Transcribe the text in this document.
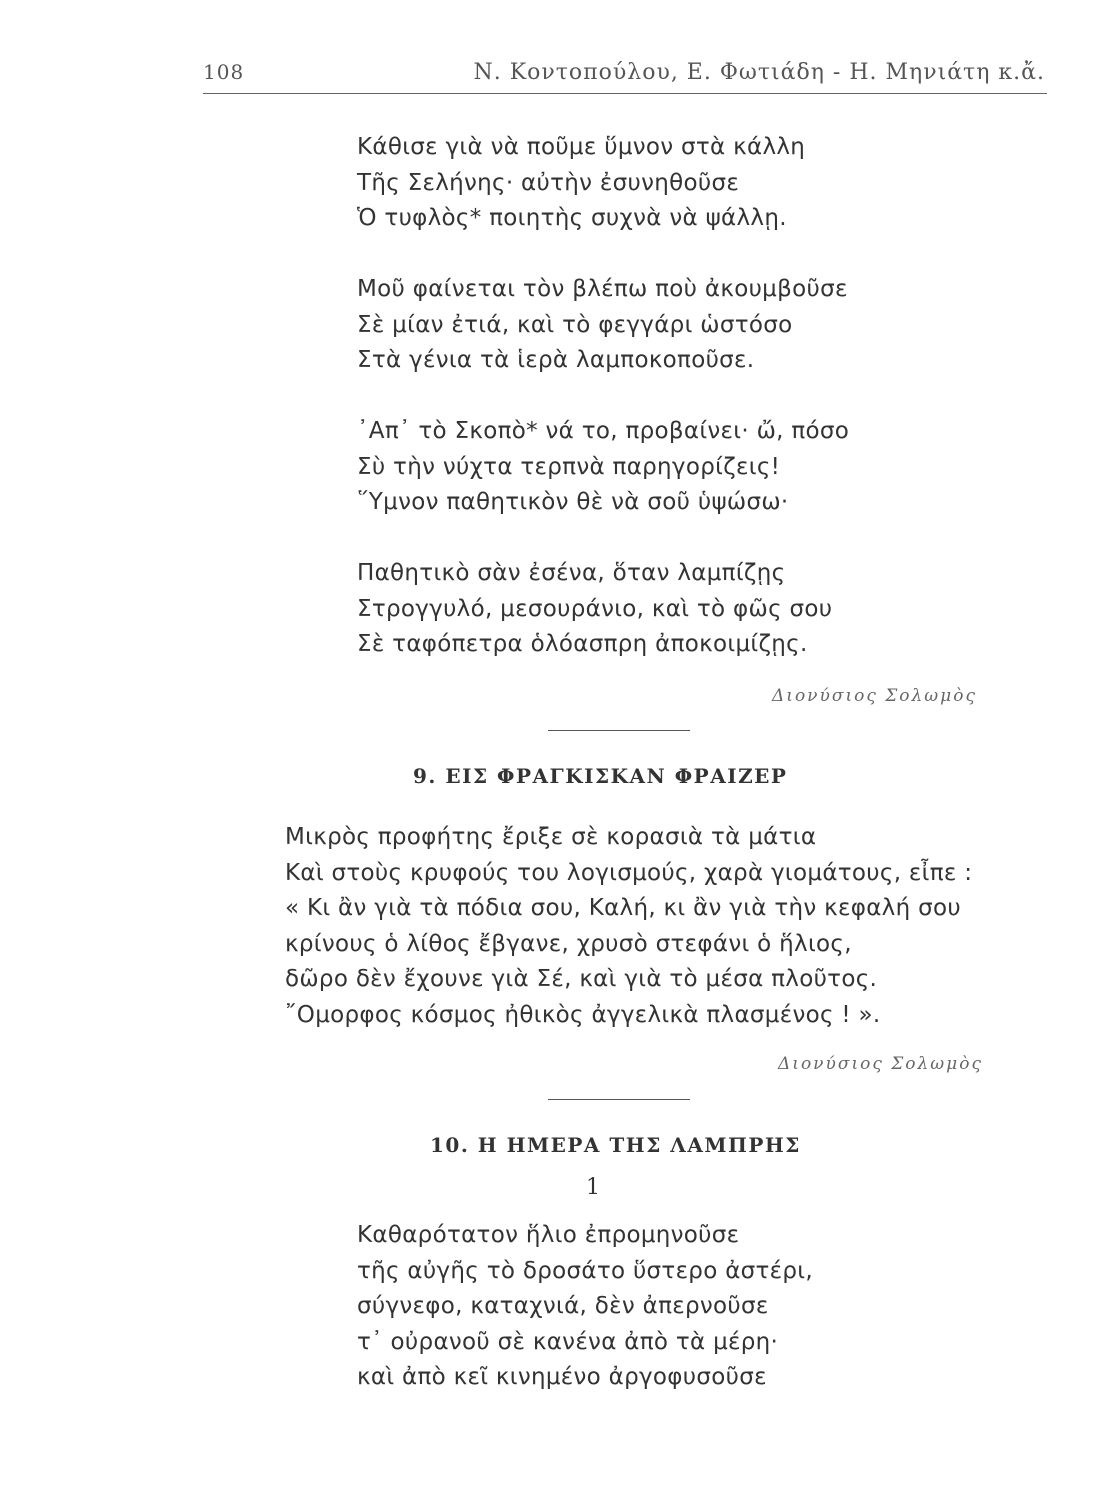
108	Ν. Κοντοπούλου, Ε. Φωτιάδη - Η. Μηνιάτη κ.ἄ.
Κάθισε γιὰ νὰ ποῦμε ὕμνον στὰ κάλλη
Τῆς Σελήνης· αὐτὴν ἐσυνηθοῦσε
Ὁ τυφλὸς* ποιητὴς συχνὰ νὰ ψάλλῃ.
Μοῦ φαίνεται τὸν βλέπω ποὺ ἀκουμβοῦσε
Σὲ μίαν ἐτιά, καὶ τὸ φεγγάρι ὡστόσο
Στὰ γένια τὰ ἱερὰ λαμποκοποῦσε.
᾿Απ᾿ τὸ Σκοπὸ* νά το, προβαίνει· ὤ, πόσο
Σὺ τὴν νύχτα τερπνὰ παρηγορίζεις!
῞Υμνον παθητικὸν θὲ νὰ σοῦ ὑψώσω·
Παθητικὸ σὰν ἐσένα, ὅταν λαμπίζῃς
Στρογγυλό, μεσουράνιο, καὶ τὸ φῶς σου
Σὲ ταφόπετρα ὁλόασπρη ἀποκοιμίζῃς.
Διονύσιος Σολωμὸς
9. ΕΙΣ ΦΡΑΓΚΙΣΚΑΝ ΦΡΑΙΖΕΡ
Μικρὸς προφήτης ἔριξε σὲ κορασιὰ τὰ μάτια
Καὶ στοὺς κρυφούς του λογισμούς, χαρὰ γιομάτους, εἶπε :
« Κι ἂν γιὰ τὰ πόδια σου, Καλή, κι ἂν γιὰ τὴν κεφαλή σου
κρίνους ὁ λίθος ἔβγανε, χρυσὸ στεφάνι ὁ ἥλιος,
δῶρο δὲν ἔχουνε γιὰ Σέ, καὶ γιὰ τὸ μέσα πλοῦτος.
῎Ομορφος κόσμος ἠθικὸς ἀγγελικὰ πλασμένος ! ».
Διονύσιος Σολωμὸς
10. Η ΗΜΕΡΑ ΤΗΣ ΛΑΜΠΡΗΣ
1
Καθαρότατον ἥλιο ἐπρομηνοῦσε
τῆς αὐγῆς τὸ δροσάτο ὕστερο ἀστέρι,
σύγνεφο, καταχνιά, δὲν ἀπερνοῦσε
τ᾿ οὐρανοῦ σὲ κανένα ἀπὸ τὰ μέρη·
καὶ ἀπὸ κεῖ κινημένο ἀργοφυσοῦσε
